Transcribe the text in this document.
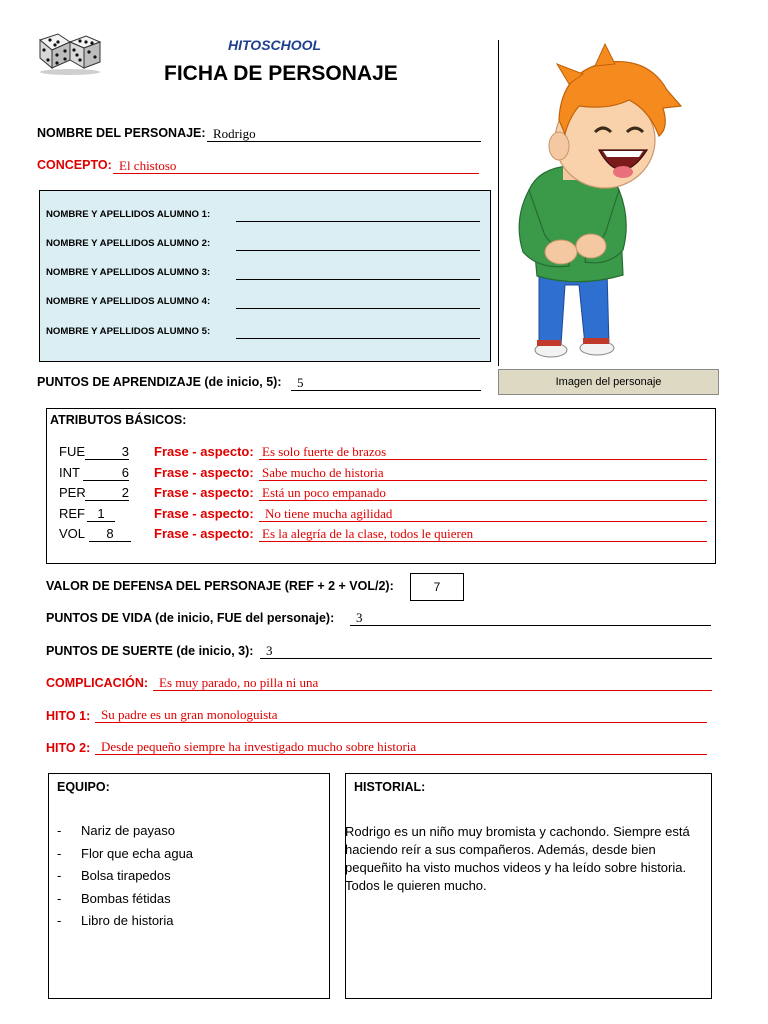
HITOSCHOOL
FICHA DE PERSONAJE
Imagen del personaje
NOMBRE DEL PERSONAJE: Rodrigo
CONCEPTO: El chistoso
NOMBRE Y APELLIDOS ALUMNO 1:
NOMBRE Y APELLIDOS ALUMNO 2:
NOMBRE Y APELLIDOS ALUMNO 3:
NOMBRE Y APELLIDOS ALUMNO 4:
NOMBRE Y APELLIDOS ALUMNO 5:
PUNTOS DE APRENDIZAJE (de inicio, 5): 5
ATRIBUTOS BÁSICOS:
FUE	3 Frase - aspecto: Es solo fuerte de brazos
INT	6 Frase - aspecto: Sabe mucho de historia
PER	2 Frase - aspecto: Está un poco empanado
REF 1	Frase - aspecto: No tiene mucha agilidad
VOL	8	Frase - aspecto: Es la alegría de la clase, todos le quieren
VALOR DE DEFENSA DEL PERSONAJE (REF + 2 + VOL/2):	7
PUNTOS DE VIDA (de inicio, FUE del personaje): 3
PUNTOS DE SUERTE (de inicio, 3): 3
COMPLICACIÓN: Es muy parado, no pilla ni una
HITO 1: Su padre es un gran monologuista
HITO 2: Desde pequeño siempre ha investigado mucho sobre historia
EQUIPO:
- Nariz de payaso
- Flor que echa agua
- Bolsa tirapedos
- Bombas fétidas
- Libro de historia
HISTORIAL:
Rodrigo es un niño muy bromista y cachondo. Siempre está haciendo reír a sus compañeros. Además, desde bien pequeñito ha visto muchos videos y ha leído sobre historia. Todos le quieren mucho.
